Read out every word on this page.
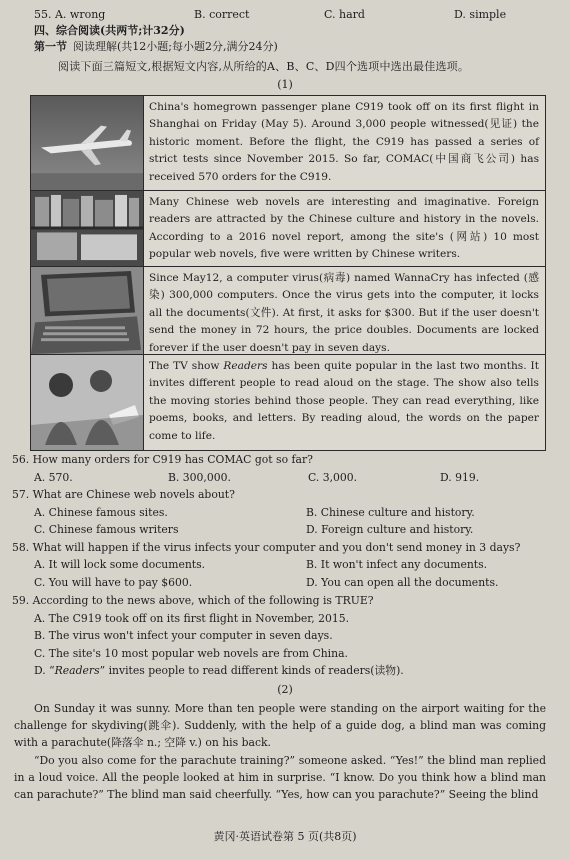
55. A. wrong	B. correct	C. hard	D. simple
四、综合阅读(共两节;计32分)
第一节 阅读理解(共12小题;每小题2分,满分24分)
阅读下面三篇短文,根据短文内容,从所给的A、B、C、D四个选项中选出最佳选项。
(1)
China's homegrown passenger plane C919 took off on its first flight in Shanghai on Friday (May 5). Around 3,000 people witnessed(见证) the historic moment. Before the flight, the C919 has passed a series of strict tests since November 2015. So far, COMAC(中国商飞公司) has received 570 orders for the C919.
Many Chinese web novels are interesting and imaginative. Foreign readers are attracted by the Chinese culture and history in the novels. According to a 2016 novel report, among the site's (网站) 10 most popular web novels, five were written by Chinese writers.
Since May12, a computer virus(病毒) named WannaCry has infected (感染) 300,000 computers. Once the virus gets into the computer, it locks all the documents(文件). At first, it asks for $300. But if the user doesn't send the money in 72 hours, the price doubles. Documents are locked forever if the user doesn't pay in seven days.
The TV show Readers has been quite popular in the last two months. It invites different people to read aloud on the stage. The show also tells the moving stories behind those people. They can read everything, like poems, books, and letters. By reading aloud, the words on the paper come to life.
56. How many orders for C919 has COMAC got so far?
A. 570.	B. 300,000.	C. 3,000.	D. 919.
57. What are Chinese web novels about?
A. Chinese famous sites.	B. Chinese culture and history.
C. Chinese famous writers	D. Foreign culture and history.
58. What will happen if the virus infects your computer and you don't send money in 3 days?
A. It will lock some documents.	B. It won't infect any documents.
C. You will have to pay $600.	D. You can open all the documents.
59. According to the news above, which of the following is TRUE?
A. The C919 took off on its first flight in November, 2015.
B. The virus won't infect your computer in seven days.
C. The site's 10 most popular web novels are from China.
D. “Readers” invites people to read different kinds of readers(读物).
(2)
On Sunday it was sunny. More than ten people were standing on the airport waiting for the challenge for skydiving(跳伞). Suddenly, with the help of a guide dog, a blind man was coming with a parachute(降落伞 n.; 空降 v.) on his back.
“Do you also come for the parachute training?” someone asked. “Yes!” the blind man replied in a loud voice. All the people looked at him in surprise. “I know. Do you think how a blind man can parachute?” The blind man said cheerfully. “Yes, how can you parachute?” Seeing the blind
黄冈·英语试卷第 5 页(共8页)
